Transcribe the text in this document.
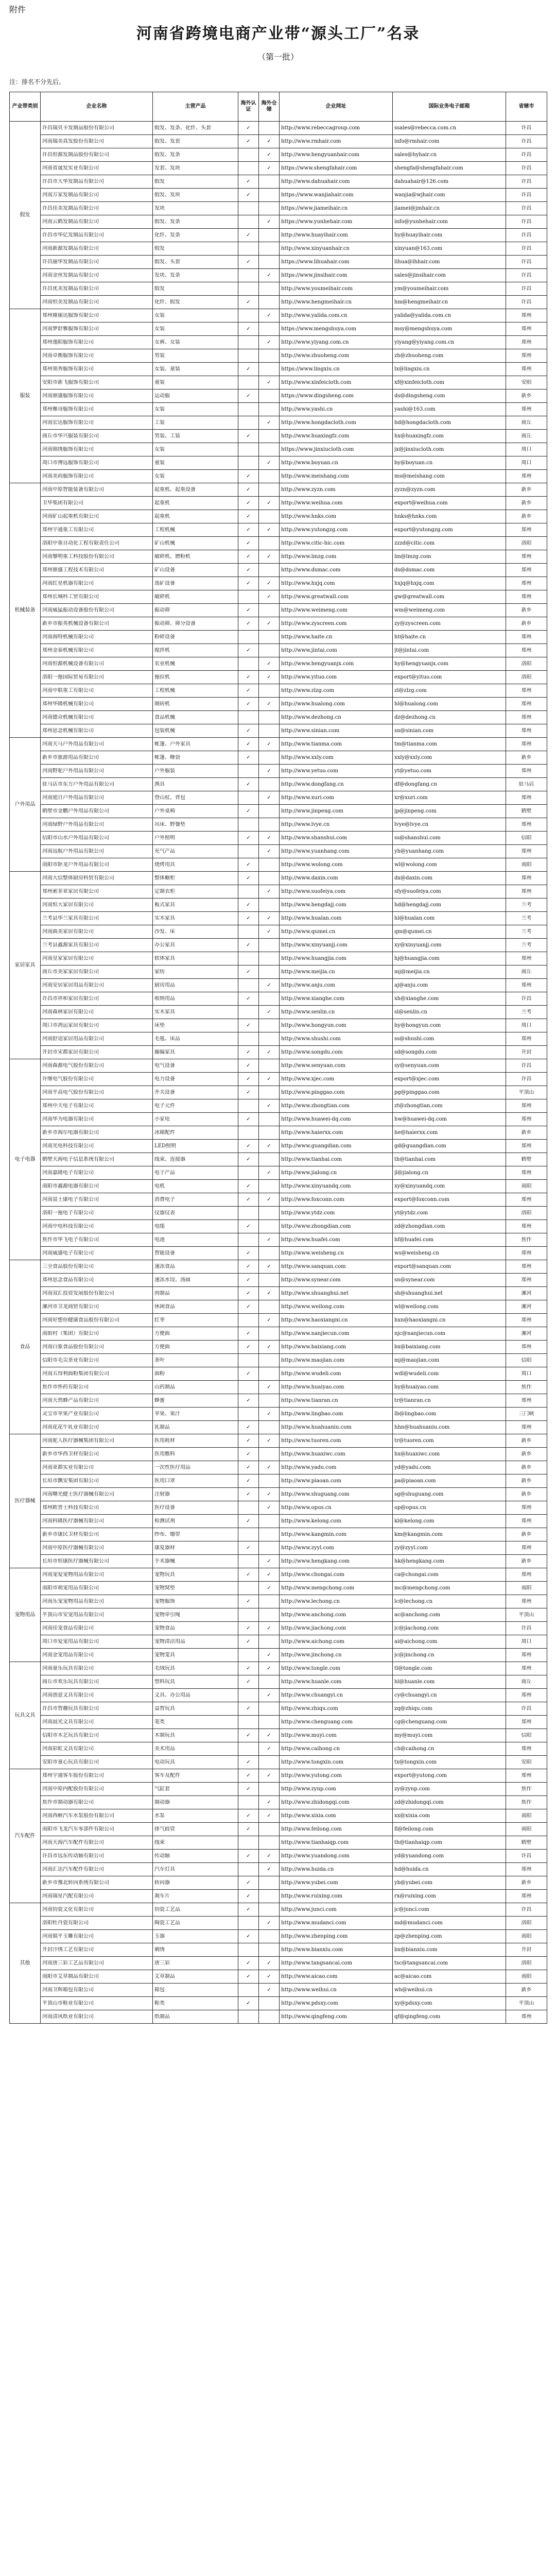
附件
河南省跨境电商产业带“源头工厂”名录
（第一批）
注：排名不分先后。
产业带类别	企业名称	主营产品	海外认证	海外仓储	企业网址	国际业务电子邮箱	省辖市
假发	许昌瑞贝卡发制品股份有限公司	假发、发条、化纤、头套	✓		http://www.rebeccagroup.com	ssales@rebecca.com.cn	许昌

	河南瑞美真发股份有限公司	假发、发套	✓	✓	http://www.rmhair.com	info@rmhair.com	许昌

	许昌恒源发制品股份有限公司	假发、发条		✓	http://www.hengyuanhair.com	sales@hyhair.cn	许昌

	河南省晟发实业有限公司	发套、发块		✓	https://www.shengfahair.com	shengfa@shengfahair.com	许昌

	许昌市大华发制品有限公司	假发	✓		http://www.dahuahair.com	dahuahair@126.com	许昌

	河南万家发制品有限公司	假发、发块	✓		https://www.wanjiahair.com	wanjia@wjhair.com	许昌

	许昌佳美发制品有限公司	发块			https://www.jiameihair.cn	jiamei@jmhair.cn	许昌

	河南云鹤发制品有限公司	假发、发条		✓	https://www.yunhehair.com	info@yunhehair.com	许昌

	许昌市华亿发制品有限公司	化纤、发条	✓		http://www.huayihair.com	hy@huayihair.com	许昌

	河南新源发制品有限公司	假发			http://www.xinyuanhair.cn	xinyuan@163.com	许昌

	许昌丽华发制品有限公司	假发、头套	✓		https://www.lihuahair.com	lihua@lhhair.com	许昌

	河南金丝发制品有限公司	发块、发条		✓	https://www.jinsihair.com	sales@jinsihair.com	许昌

	许昌优美发制品有限公司	假发			http://www.youmeihair.com	ym@youmeihair.com	许昌

	河南恒美发制品有限公司	化纤、假发	✓		http://www.hengmeihair.cn	hm@hengmeihair.cn	许昌

服装	郑州娅丽达服饰有限公司	女装		✓	http://www.yalida.com.cn	yalida@yalida.com.cn	郑州

	河南梦舒雅服饰有限公司	女装	✓		https://www.mengshuya.com	msy@mengshuya.com	郑州

	郑州逸阳服饰有限公司	女裤、女装		✓	http://www.yiyang.com.cn	yiyang@yiyang.com.cn	郑州

	河南卓衡服饰有限公司	男装			http://www.zhuoheng.com	zh@zhuoheng.com	郑州

	郑州领秀服饰有限公司	女装、童装	✓		https://www.lingxiu.cn	lx@lingxiu.cn	郑州

	安阳市新飞服饰有限公司	童装		✓	http://www.xinfeicloth.com	xf@xinfeicloth.com	安阳

	河南鼎盛服饰有限公司	运动服	✓		https://www.dingsheng.com	ds@dingsheng.com	新乡

	郑州雅诗服饰有限公司	女装			http://www.yashi.cn	yashi@163.com	郑州

	河南宏达服饰有限公司	工装		✓	http://www.hongdacloth.com	hd@hongdacloth.com	商丘

	商丘市华兴服装有限公司	男装、工装	✓		http://www.huaxingfz.com	hx@huaxingfz.com	商丘

	河南锦绣服饰有限公司	女装			https://www.jinxiucloth.com	jx@jinxiucloth.com	周口

	周口市博远服饰有限公司	童装		✓	http://www.boyuan.cn	by@boyuan.cn	周口

	河南美尚服饰有限公司	女装	✓		http://www.meishang.com	ms@meishang.com	郑州

机械装备	河南中原智能装备有限公司	起重机、起重设备	✓		http://www.zyzn.com	zyzn@zyzn.com	新乡

	卫华集团有限公司	起重机	✓	✓	http://www.weihua.com	export@weihua.com	新乡

	河南矿山起重机有限公司	起重机	✓		http://www.hnks.com	hnks@hnks.com	新乡

	郑州宇通重工有限公司	工程机械	✓	✓	http://www.yutongzg.com	export@yutongzg.com	郑州

	洛阳中重自动化工程有限责任公司	矿山机械	✓		http://www.citic-hic.com	zzzd@citic.com	洛阳

	河南黎明重工科技股份有限公司	破碎机、磨粉机	✓	✓	http://www.lmzg.com	lm@lmzg.com	郑州

	郑州鼎盛工程技术有限公司	矿山设备	✓		http://www.dsmac.com	ds@dsmac.com	郑州

	河南红星机器有限公司	选矿设备	✓	✓	http://www.hxjq.com	hxjq@hxjq.com	郑州

	郑州长城科工贸有限公司	破碎机		✓	http://www.greatwall.com	gw@greatwall.com	郑州

	河南威猛振动设备股份有限公司	振动筛	✓		http://www.weimeng.com	wm@weimeng.com	新乡

	新乡市振英机械设备有限公司	振动筛、筛分设备	✓	✓	http://www.zyscreen.com	zy@zyscreen.com	新乡

	河南海特机械有限公司	粉碎设备			http://www.haite.cn	ht@haite.cn	郑州

	郑州金泰机械有限公司	搅拌机	✓		http://www.jintai.com	jt@jintai.com	郑州

	河南恒源机械设备有限公司	农业机械		✓	http://www.hengyuanjx.com	hy@hengyuanjx.com	洛阳

	洛阳一拖国际贸易有限公司	拖拉机	✓	✓	http://www.yituo.com	export@yituo.com	洛阳

	河南中联重工有限公司	工程机械	✓		http://www.zlzg.com	zl@zlzg.com	郑州

	郑州华隆机械有限公司	制砖机	✓	✓	http://www.hualong.com	hl@hualong.com	郑州

	河南德众机械有限公司	食品机械			http://www.dezhong.cn	dz@dezhong.cn	郑州

	郑州思念机械有限公司	包装机械	✓		http://www.sinian.com	sn@sinian.com	郑州

户外用品	河南天马户外用品有限公司	帐篷、户外家具	✓	✓	http://www.tianma.com	tm@tianma.com	郑州

	新乡市旅游用品有限公司	帐篷、睡袋	✓		http://www.xxly.com	xxly@xxly.com	新乡

	河南野驼户外用品有限公司	户外服装		✓	http://www.yetuo.com	yt@yetuo.com	郑州

	驻马店市东方户外用品有限公司	渔具	✓		http://www.dongfang.cn	df@dongfang.cn	驻马店

	河南旭日户外用品有限公司	登山杖、背包		✓	http://www.xuri.com	xr@xuri.com	郑州

	鹤壁市金鹏户外用品有限公司	户外桌椅	✓		http://www.jinpeng.com	jp@jinpeng.com	鹤壁

	河南绿野户外用品有限公司	吊床、野餐垫			http://www.lvye.cn	lvye@lvye.cn	郑州

	信阳市山水户外用品有限公司	户外照明	✓	✓	http://www.shanshui.com	ss@shanshui.com	信阳

	河南远航户外用品有限公司	充气产品		✓	http://www.yuanhang.com	yh@yuanhang.com	郑州

	南阳市卧龙户外用品有限公司	烧烤用具	✓		http://www.wolong.com	wl@wolong.com	南阳

家居家具	河南大信整体厨房科贸有限公司	整体橱柜	✓		http://www.daxin.com	dx@daxin.com	郑州

	郑州索菲亚家居有限公司	定制衣柜		✓	http://www.suofeiya.com	sfy@suofeiya.com	郑州

	河南恒大家居有限公司	板式家具	✓		http://www.hengdajj.com	hd@hengdajj.com	兰考

	兰考县华兰家具有限公司	实木家具	✓	✓	http://www.hualan.com	hl@hualan.com	兰考

	河南曲美家居有限公司	沙发、床		✓	http://www.qumei.cn	qm@qumei.cn	兰考

	兰考县鑫源家具有限公司	办公家具	✓		http://www.xinyuanjj.com	xy@xinyuanjj.com	兰考

	河南皇家家居有限公司	软体家具			http://www.huangjia.com	hj@huangjia.com	郑州

	商丘市美家家居有限公司	家纺	✓		http://www.meijia.cn	mj@meijia.cn	商丘

	河南安居家居用品有限公司	厨房用品		✓	http://www.anju.com	aj@anju.com	郑州

	许昌市祥和家居有限公司	收纳用品	✓		http://www.xianghe.com	xh@xianghe.com	许昌

	河南森林家居有限公司	实木家具		✓	http://www.senlin.cn	sl@senlin.cn	兰考

	周口市鸿运家居有限公司	床垫	✓		http://www.hongyun.com	hy@hongyun.com	周口

	河南舒适家居用品有限公司	毛毯、床品			http://www.shushi.com	ss@shushi.com	郑州

	开封市宋都家居有限公司	藤编家具	✓	✓	http://www.songdu.com	sd@songdu.com	开封

电子电器	河南森源电气股份有限公司	电气设备	✓		http://www.senyuan.com	sy@senyuan.com	许昌

	许继电气股份有限公司	电力设备	✓	✓	http://www.xjec.com	export@xjec.com	许昌

	河南平高电气股份有限公司	开关设备	✓		http://www.pinggao.com	pg@pinggao.com	平顶山

	郑州中天电子有限公司	电子元件		✓	http://www.zhongtian.com	zt@zhongtian.com	郑州

	河南华为电器有限公司	小家电	✓		http://www.huawei-dq.com	hw@huawei-dq.com	郑州

	新乡市海尔电器有限公司	冰箱配件			http://www.haierxx.com	he@haierxx.com	新乡

	河南光电科技有限公司	LED照明	✓	✓	http://www.guangdian.com	gd@guangdian.com	郑州

	鹤壁天海电子信息系统有限公司	线束、连接器	✓		http://www.tianhai.com	th@tianhai.com	鹤壁

	河南嘉隆电子有限公司	电子产品		✓	http://www.jialong.cn	jl@jialong.cn	郑州

	南阳市鑫源电器有限公司	电机	✓		http://www.xinyuandq.com	xy@xinyuandq.com	南阳

	河南富士康电子有限公司	消费电子	✓	✓	http://www.foxconn.com	export@foxconn.com	郑州

	洛阳一拖电子有限公司	仪器仪表			http://www.ytdz.com	yt@ytdz.com	洛阳

	河南中电科技有限公司	电缆	✓		http://www.zhongdian.com	zd@zhongdian.com	郑州

	焦作市华飞电子有限公司	电池		✓	http://www.huafei.com	hf@huafei.com	焦作

	河南威盛电子有限公司	智能设备	✓		http://www.weisheng.cn	ws@weisheng.cn	郑州

食品	三全食品股份有限公司	速冻食品	✓	✓	http://www.sanquan.com	export@sanquan.com	郑州

	郑州思念食品有限公司	速冻水饺、汤圆	✓		http://www.synear.com	sn@synear.com	郑州

	河南双汇投资发展股份有限公司	肉制品	✓	✓	http://www.shuanghui.net	sh@shuanghui.net	漯河

	漯河市卫龙商贸有限公司	休闲食品	✓		http://www.weilong.com	wl@weilong.com	漯河

	河南好想你健康食品股份有限公司	红枣		✓	http://www.haoxiangni.cn	hxn@haoxiangni.cn	郑州

	南街村（集团）有限公司	方便面	✓		http://www.nanjiecun.com	njc@nanjiecun.com	漯河

	河南白象食品股份有限公司	方便面	✓	✓	http://www.baixiang.com	bx@baixiang.com	郑州

	信阳市毛尖茶业有限公司	茶叶			http://www.maojian.com	mj@maojian.com	信阳

	河南五得利面粉集团有限公司	面粉	✓		http://www.wudeli.com	wdl@wudeli.com	周口

	焦作市怀药有限公司	山药制品		✓	http://www.huaiyao.com	hy@huaiyao.com	焦作

	河南天然蜂产品有限公司	蜂蜜	✓		http://www.tianran.cn	tr@tianran.cn	郑州

	灵宝市苹果产业有限公司	苹果、果汁		✓	http://www.lingbao.com	lb@lingbao.com	三门峡

	河南花花牛乳业有限公司	乳制品	✓		http://www.huahuaniu.com	hhn@huahuaniu.com	郑州

医疗器械	河南驼人医疗器械集团有限公司	医用耗材	✓	✓	http://www.tuoren.com	tr@tuoren.com	新乡

	新乡市华西卫材有限公司	医用敷料	✓		http://www.huaxiwc.com	hx@huaxiwc.com	新乡

	河南亚都实业有限公司	一次性医疗用品	✓	✓	http://www.yadu.com	yd@yadu.com	新乡

	长垣市飘安集团有限公司	医用口罩	✓		http://www.piaoan.com	pa@piaoan.com	新乡

	河南曙光健士医疗器械有限公司	注射器	✓	✓	http://www.shuguang.com	sg@shuguang.com	新乡

	郑州欧普士科技有限公司	医疗设备		✓	http://www.opus.cn	op@opus.cn	郑州

	河南科隆医疗器械有限公司	检测试剂	✓		http://www.kelong.com	kl@kelong.com	郑州

	新乡市康民卫材有限公司	纱布、绷带			http://www.kangmin.com	km@kangmin.com	新乡

	河南中原医疗器械有限公司	康复器材	✓		http://www.zyyl.com	zy@zyyl.com	郑州

	长垣市恒康医疗器械有限公司	手术器械		✓	http://www.hengkang.com	hk@hengkang.com	新乡

宠物用品	河南宠爱宠物用品有限公司	宠物玩具	✓	✓	http://www.chongai.com	ca@chongai.com	郑州

	南阳市萌宠用品有限公司	宠物窝垫		✓	http://www.mengchong.com	mc@mengchong.com	南阳

	河南乐宠宠物用品有限公司	宠物服饰	✓		http://www.lechong.cn	lc@lechong.cn	郑州

	平顶山市安宠用品有限公司	宠物牵引绳			http://www.anchong.com	ac@anchong.com	平顶山

	河南佳宠食品有限公司	宠物食品	✓	✓	http://www.jiachong.com	jc@jiachong.com	许昌

	周口市爱宠用品有限公司	宠物清洁用品	✓		http://www.aichong.com	ai@aichong.com	周口

	河南金宠用品有限公司	宠物笼具		✓	http://www.jinchong.cn	jc@jinchong.cn	郑州

玩具文具	河南童乐玩具有限公司	毛绒玩具	✓	✓	http://www.tongle.com	tl@tongle.com	郑州

	商丘市欢乐玩具有限公司	塑料玩具	✓		http://www.huanle.com	hl@huanle.com	商丘

	河南创意文具有限公司	文具、办公用品		✓	http://www.chuangyi.cn	cy@chuangyi.cn	郑州

	许昌市智趣玩具有限公司	益智玩具	✓		http://www.zhiqu.com	zq@zhiqu.com	许昌

	河南晨光文具有限公司	笔类			http://www.chenguang.com	cg@chenguang.com	郑州

	信阳市木艺玩具有限公司	木制玩具	✓	✓	http://www.muyi.com	my@muyi.com	信阳

	河南彩虹文具有限公司	美术用品		✓	http://www.caihong.cn	ch@caihong.cn	郑州

	安阳市童心玩具有限公司	电动玩具	✓		http://www.tongxin.com	tx@tongxin.com	安阳

汽车配件	郑州宇通客车股份有限公司	客车及配件	✓	✓	http://www.yutong.com	export@yutong.com	郑州

	河南中原内配股份有限公司	气缸套	✓		http://www.zynp.com	zy@zynp.com	焦作

	焦作市制动器有限公司	制动器		✓	http://www.zhidongqi.com	zd@zhidongqi.com	焦作

	河南西峡汽车水泵股份有限公司	水泵	✓	✓	http://www.xixia.com	xx@xixia.com	南阳

	南阳市飞龙汽车零部件有限公司	排气歧管	✓		http://www.feilong.com	fl@feilong.com	南阳

	河南天海汽车配件有限公司	线束			http://www.tianhaiqp.com	th@tianhaiqp.com	鹤壁

	许昌市远东传动轴有限公司	传动轴	✓	✓	http://www.yuandong.com	yd@yuandong.com	许昌

	河南汇达汽车配件有限公司	汽车灯具		✓	http://www.huida.cn	hd@huida.cn	郑州

	新乡市豫北转向系统有限公司	转向器	✓		http://www.yubei.com	yb@yubei.com	新乡

	河南瑞星汽配有限公司	刹车片	✓		http://www.ruixing.com	rx@ruixing.com	郑州

其他	河南钧瓷文化有限公司	钧瓷工艺品	✓		http://www.junci.com	jc@junci.com	许昌

	洛阳牡丹瓷有限公司	陶瓷工艺品		✓	http://www.mudanci.com	md@mudanci.com	洛阳

	河南镇平玉雕有限公司	玉器	✓		http://www.zhenping.com	zp@zhenping.com	南阳

	开封汴绣工艺有限公司	刺绣			http://www.bianxiu.com	bx@bianxiu.com	开封

	河南唐三彩工艺品有限公司	唐三彩	✓	✓	http://www.tangsancai.com	tsc@tangsancai.com	洛阳

	南阳市艾草制品有限公司	艾草制品	✓	✓	http://www.aicao.com	ac@aicao.com	南阳

	河南卫辉箱包有限公司	箱包		✓	http://www.weihui.cn	wh@weihui.cn	新乡

	平顶山市鞋业有限公司	鞋类	✓		http://www.pdsxy.com	xy@pdsxy.com	平顶山

	河南清风纸业有限公司	纸制品			http://www.qingfeng.com	qf@qingfeng.com	郑州
